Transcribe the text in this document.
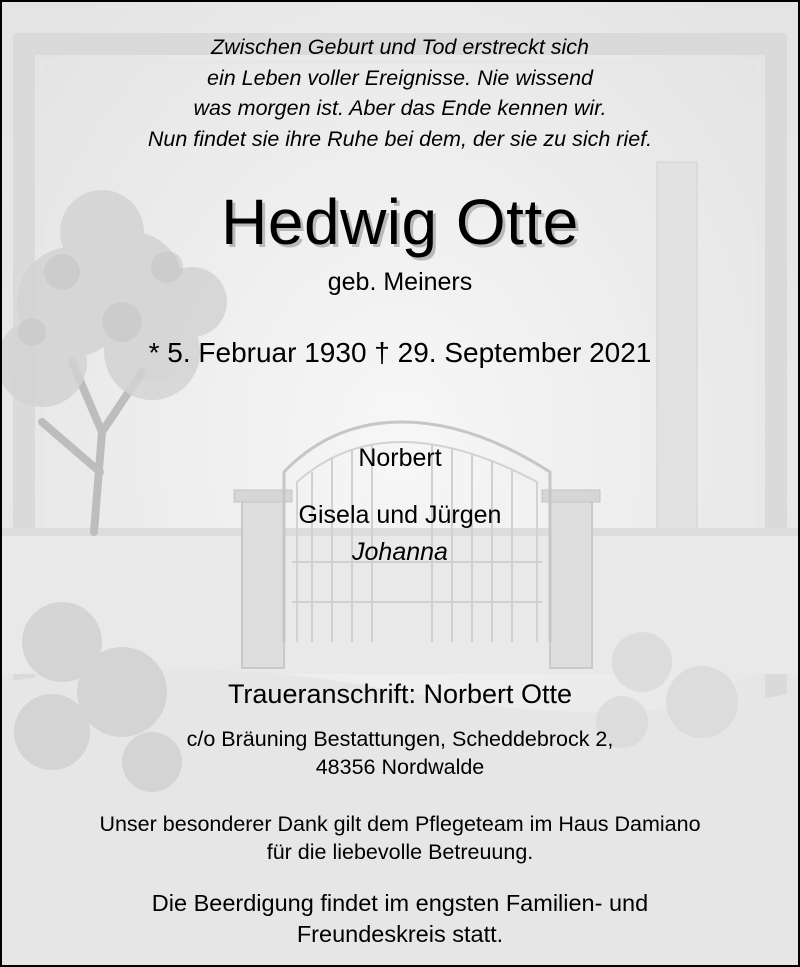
Zwischen Geburt und Tod erstreckt sich
ein Leben voller Ereignisse. Nie wissend
was morgen ist. Aber das Ende kennen wir.
Nun findet sie ihre Ruhe bei dem, der sie zu sich rief.
Hedwig Otte
geb. Meiners
* 5. Februar 1930 † 29. September 2021
Norbert
Gisela und Jürgen
Johanna
Traueranschrift: Norbert Otte
c/o Bräuning Bestattungen, Scheddebrock 2,
48356 Nordwalde
Unser besonderer Dank gilt dem Pflegeteam im Haus Damiano
für die liebevolle Betreuung.
Die Beerdigung findet im engsten Familien- und
Freundeskreis statt.
